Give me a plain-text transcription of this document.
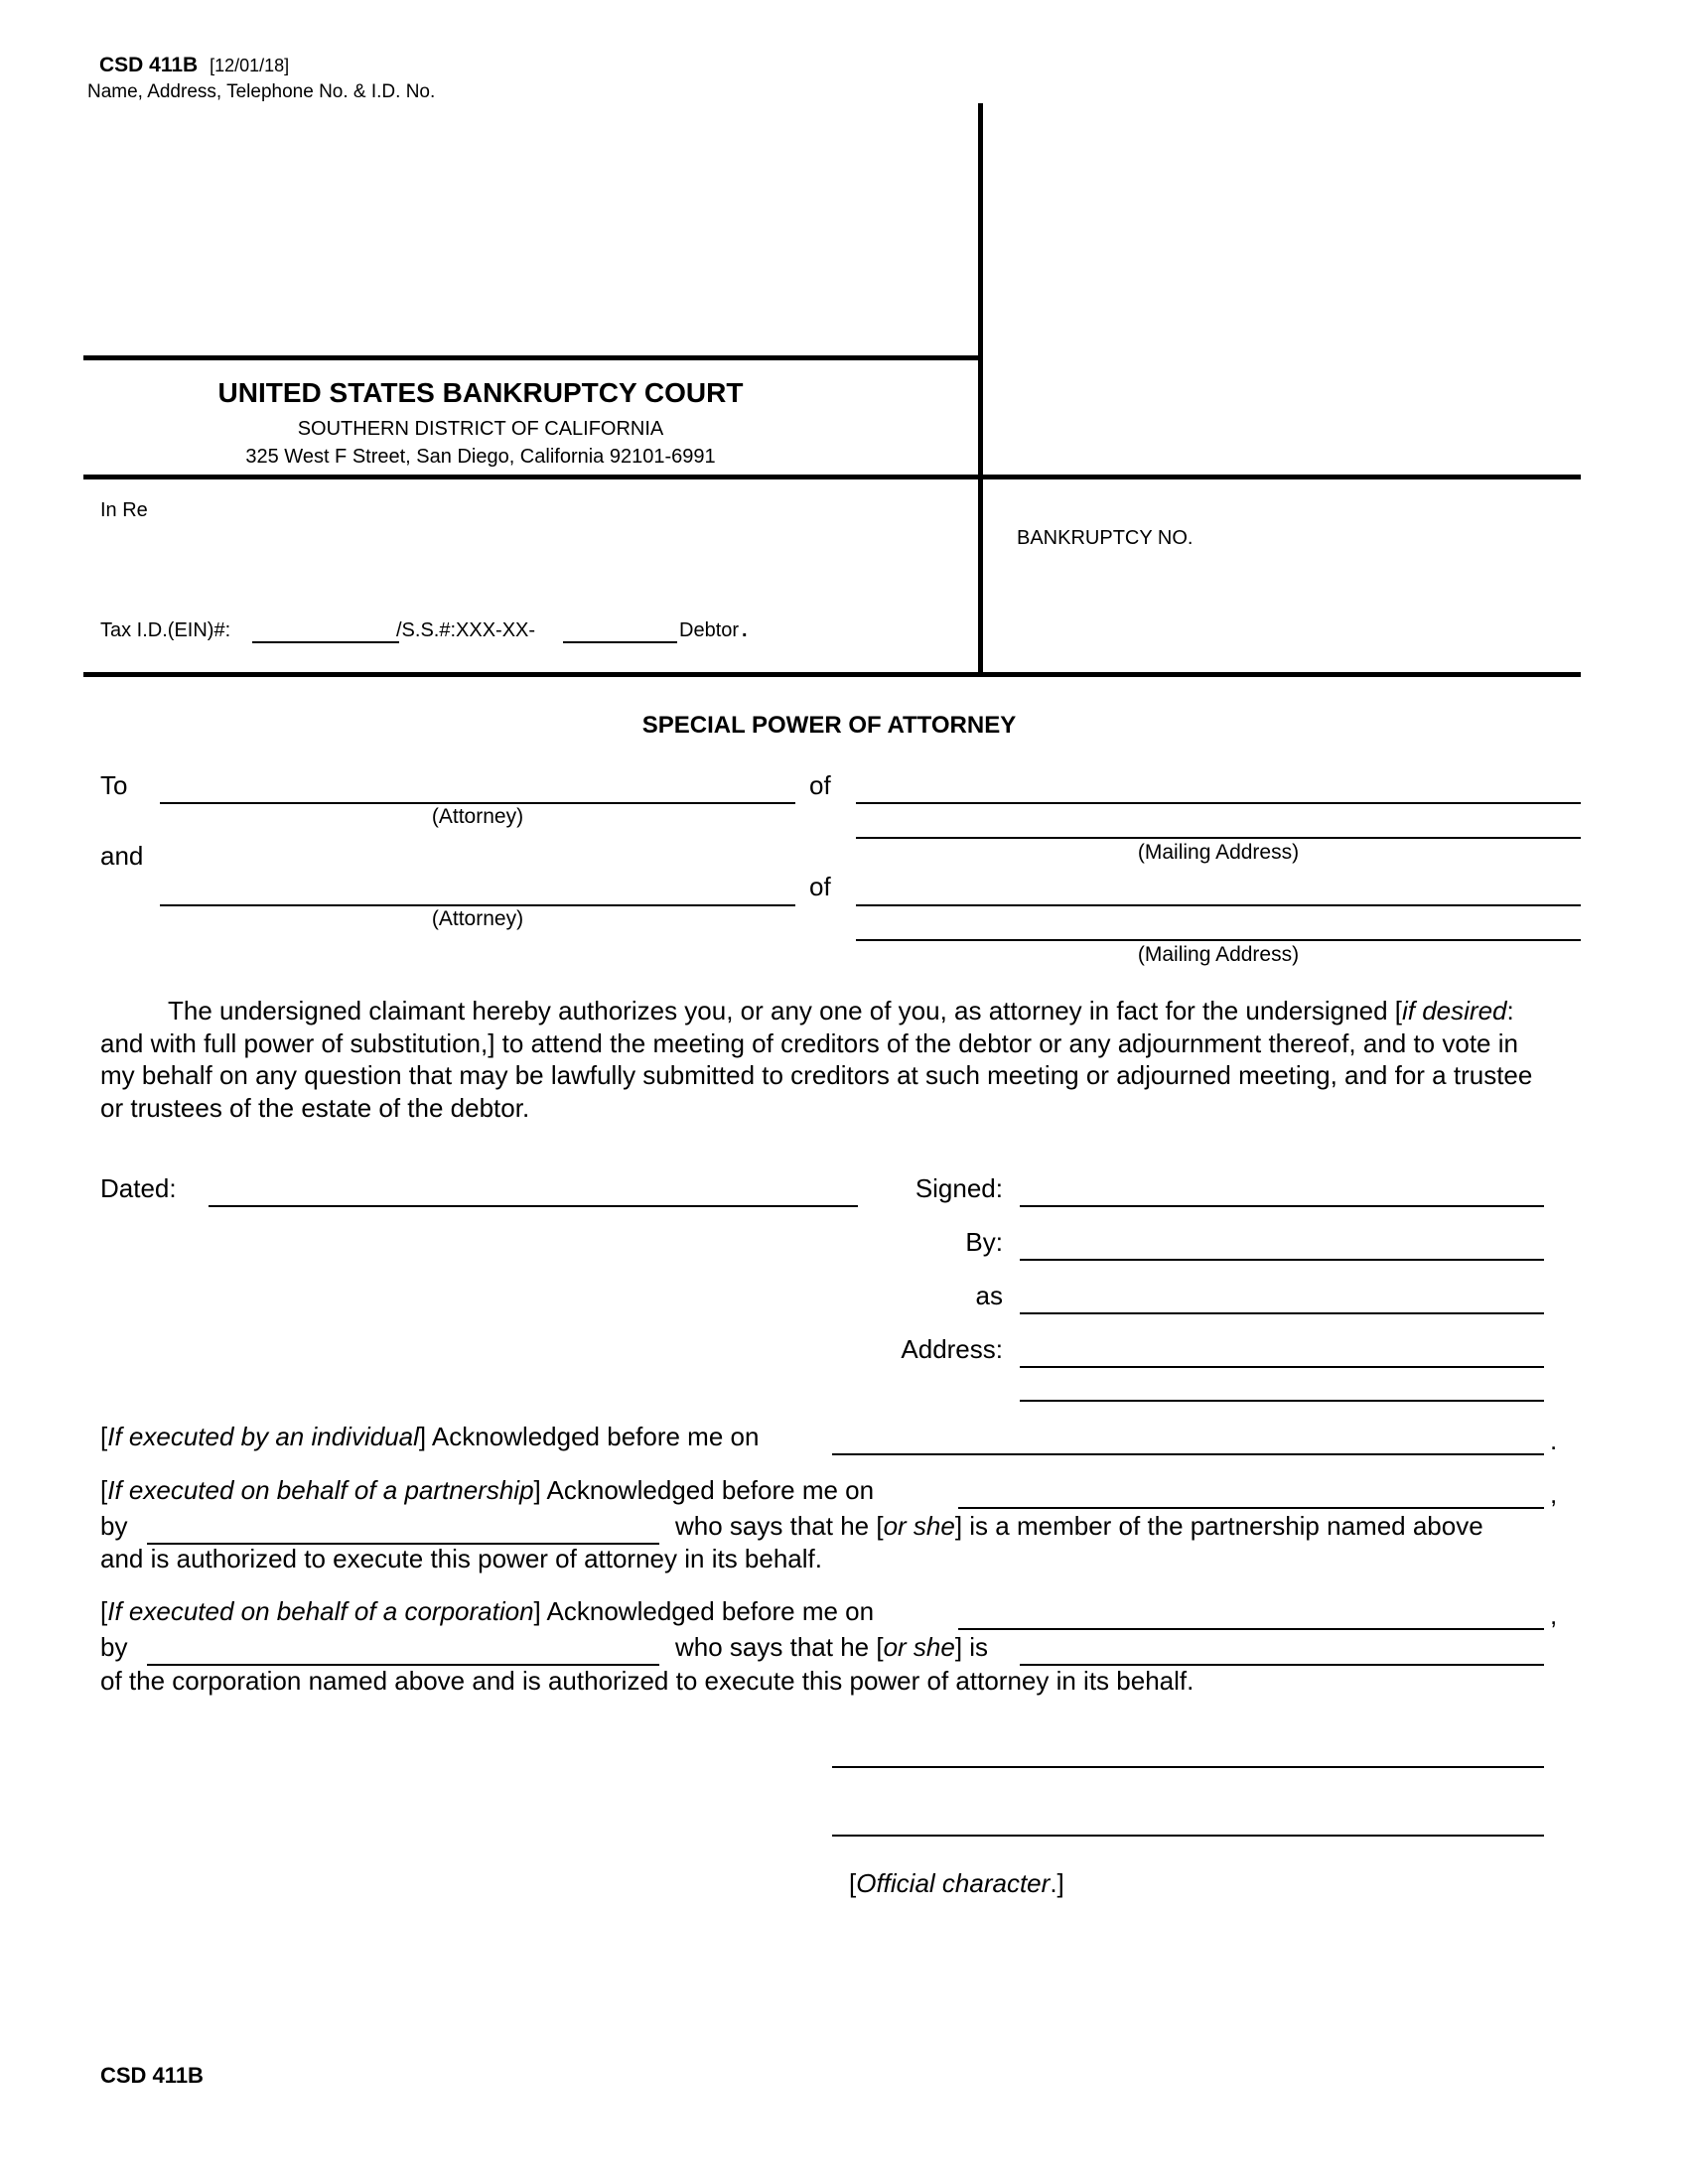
CSD 411B [12/01/18]
Name, Address, Telephone No. & I.D. No.
UNITED STATES BANKRUPTCY COURT
SOUTHERN DISTRICT OF CALIFORNIA
325 West F Street, San Diego, California 92101-6991
In Re
BANKRUPTCY NO.
Tax I.D.(EIN)#:	/S.S.#:XXX-XX-	Debtor .
SPECIAL POWER OF ATTORNEY
To
(Attorney)
of
(Mailing Address)
and
(Attorney)
of
(Mailing Address)
The undersigned claimant hereby authorizes you, or any one of you, as attorney in fact for the undersigned [if desired: and with full power of substitution,] to attend the meeting of creditors of the debtor or any adjournment thereof, and to vote in my behalf on any question that may be lawfully submitted to creditors at such meeting or adjourned meeting, and for a trustee or trustees of the estate of the debtor.
Dated:	Signed:
By:
as
Address:
[If executed by an individual] Acknowledged before me on	.
[If executed on behalf of a partnership] Acknowledged before me on	,
by	who says that he [or she] is a member of the partnership named above
and is authorized to execute this power of attorney in its behalf.
[If executed on behalf of a corporation] Acknowledged before me on	,
by	who says that he [or she] is
of the corporation named above and is authorized to execute this power of attorney in its behalf.
[Official character.]
CSD 411B
